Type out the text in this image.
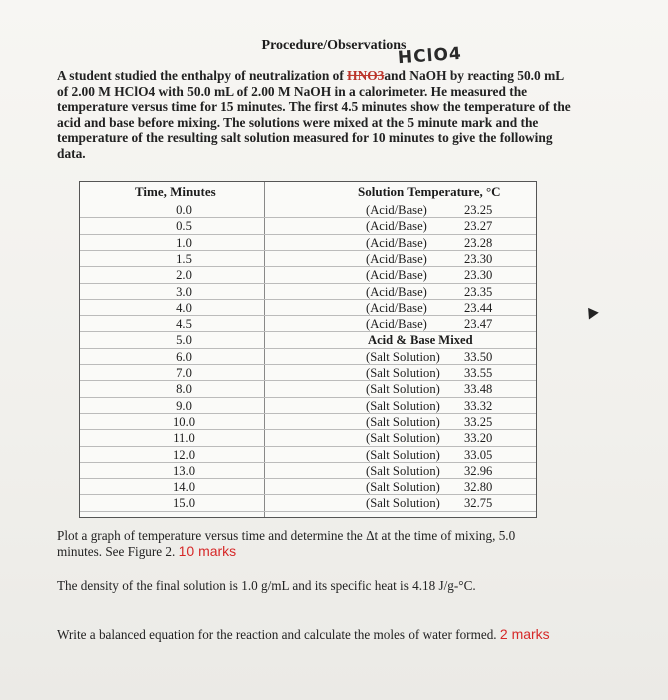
Procedure/Observations
HClO4
A student studied the enthalpy of neutralization of HNO3and NaOH by reacting 50.0 mL of 2.00 M HClO4 with 50.0 mL of 2.00 M NaOH in a calorimeter. He measured the temperature versus time for 15 minutes. The first 4.5 minutes show the temperature of the acid and base before mixing. The solutions were mixed at the 5 minute mark and the temperature of the resulting salt solution measured for 10 minutes to give the following data.
Time, Minutes	Solution Temperature, °C
0.0	(Acid/Base)	23.25
0.5	(Acid/Base)	23.27
1.0	(Acid/Base)	23.28
1.5	(Acid/Base)	23.30
2.0	(Acid/Base)	23.30
3.0	(Acid/Base)	23.35
4.0	(Acid/Base)	23.44
4.5	(Acid/Base)	23.47
5.0	Acid & Base Mixed
6.0	(Salt Solution) 33.50
7.0	(Salt Solution) 33.55
8.0	(Salt Solution) 33.48
9.0	(Salt Solution) 33.32
10.0	(Salt Solution) 33.25
11.0	(Salt Solution) 33.20
12.0	(Salt Solution) 33.05
13.0	(Salt Solution) 32.96
14.0	(Salt Solution) 32.80
15.0	(Salt Solution) 32.75
Plot a graph of temperature versus time and determine the Δt at the time of mixing, 5.0 minutes. See Figure 2. 10 marks
The density of the final solution is 1.0 g/mL and its specific heat is 4.18 J/g-°C.
Write a balanced equation for the reaction and calculate the moles of water formed. 2 marks
